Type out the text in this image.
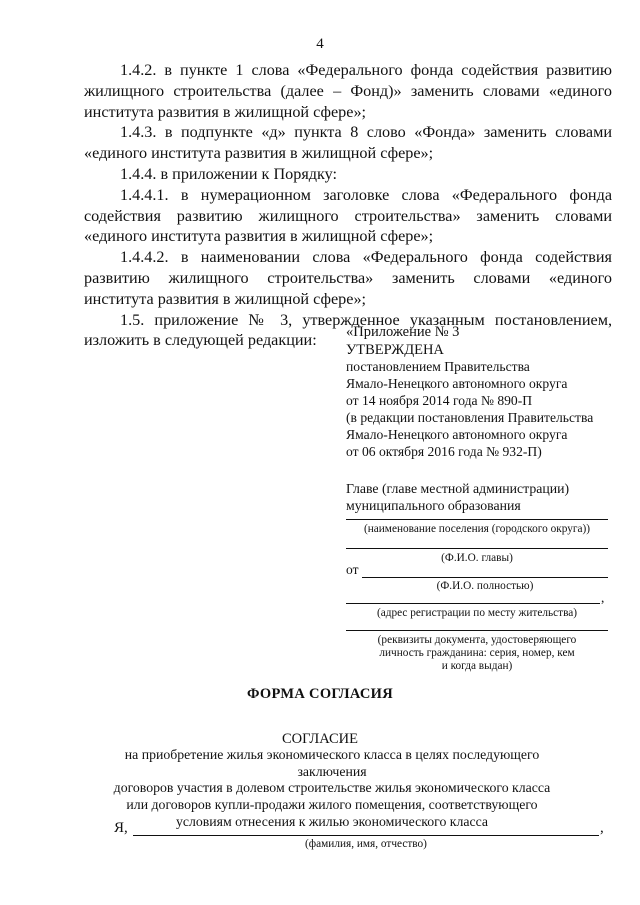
4

1.4.2. в пункте 1 слова «Федерального фонда содействия развитию жилищного строительства (далее – Фонд)» заменить словами «единого института развития в жилищной сфере»;

1.4.3. в подпункте «д» пункта 8 слово «Фонда» заменить словами «единого института развития в жилищной сфере»;

1.4.4. в приложении к Порядку:

1.4.4.1. в нумерационном заголовке слова «Федерального фонда содействия развитию жилищного строительства» заменить словами «единого института развития в жилищной сфере»;

1.4.4.2. в наименовании слова «Федерального фонда содействия развитию жилищного строительства» заменить словами «единого института развития в жилищной сфере»;

1.5. приложение № 3, утвержденное указанным постановлением, изложить в следующей редакции:	«Приложение № 3
УТВЕРЖДЕНА
постановлением Правительства
Ямало-Ненецкого автономного округа
от 14 ноября 2014 года № 890-П
(в редакции постановления Правительства
Ямало-Ненецкого автономного округа
от 06 октября 2016 года № 932-П)
Главе (главе местной администрации)
муниципального образования
(наименование поселения (городского округа))
(Ф.И.О. главы)
от
(Ф.И.О. полностью)
,
(адрес регистрации по месту жительства)
(реквизиты документа, удостоверяющего
личность гражданина: серия, номер, кем
и когда выдан)
ФОРМА СОГЛАСИЯ
СОГЛАСИЕ
на приобретение жилья экономического класса в целях последующего заключения
договоров участия в долевом строительстве жилья экономического класса
или договоров купли-продажи жилого помещения, соответствующего
условиям отнесения к жилью экономического класса
Я,	,
(фамилия, имя, отчество)
